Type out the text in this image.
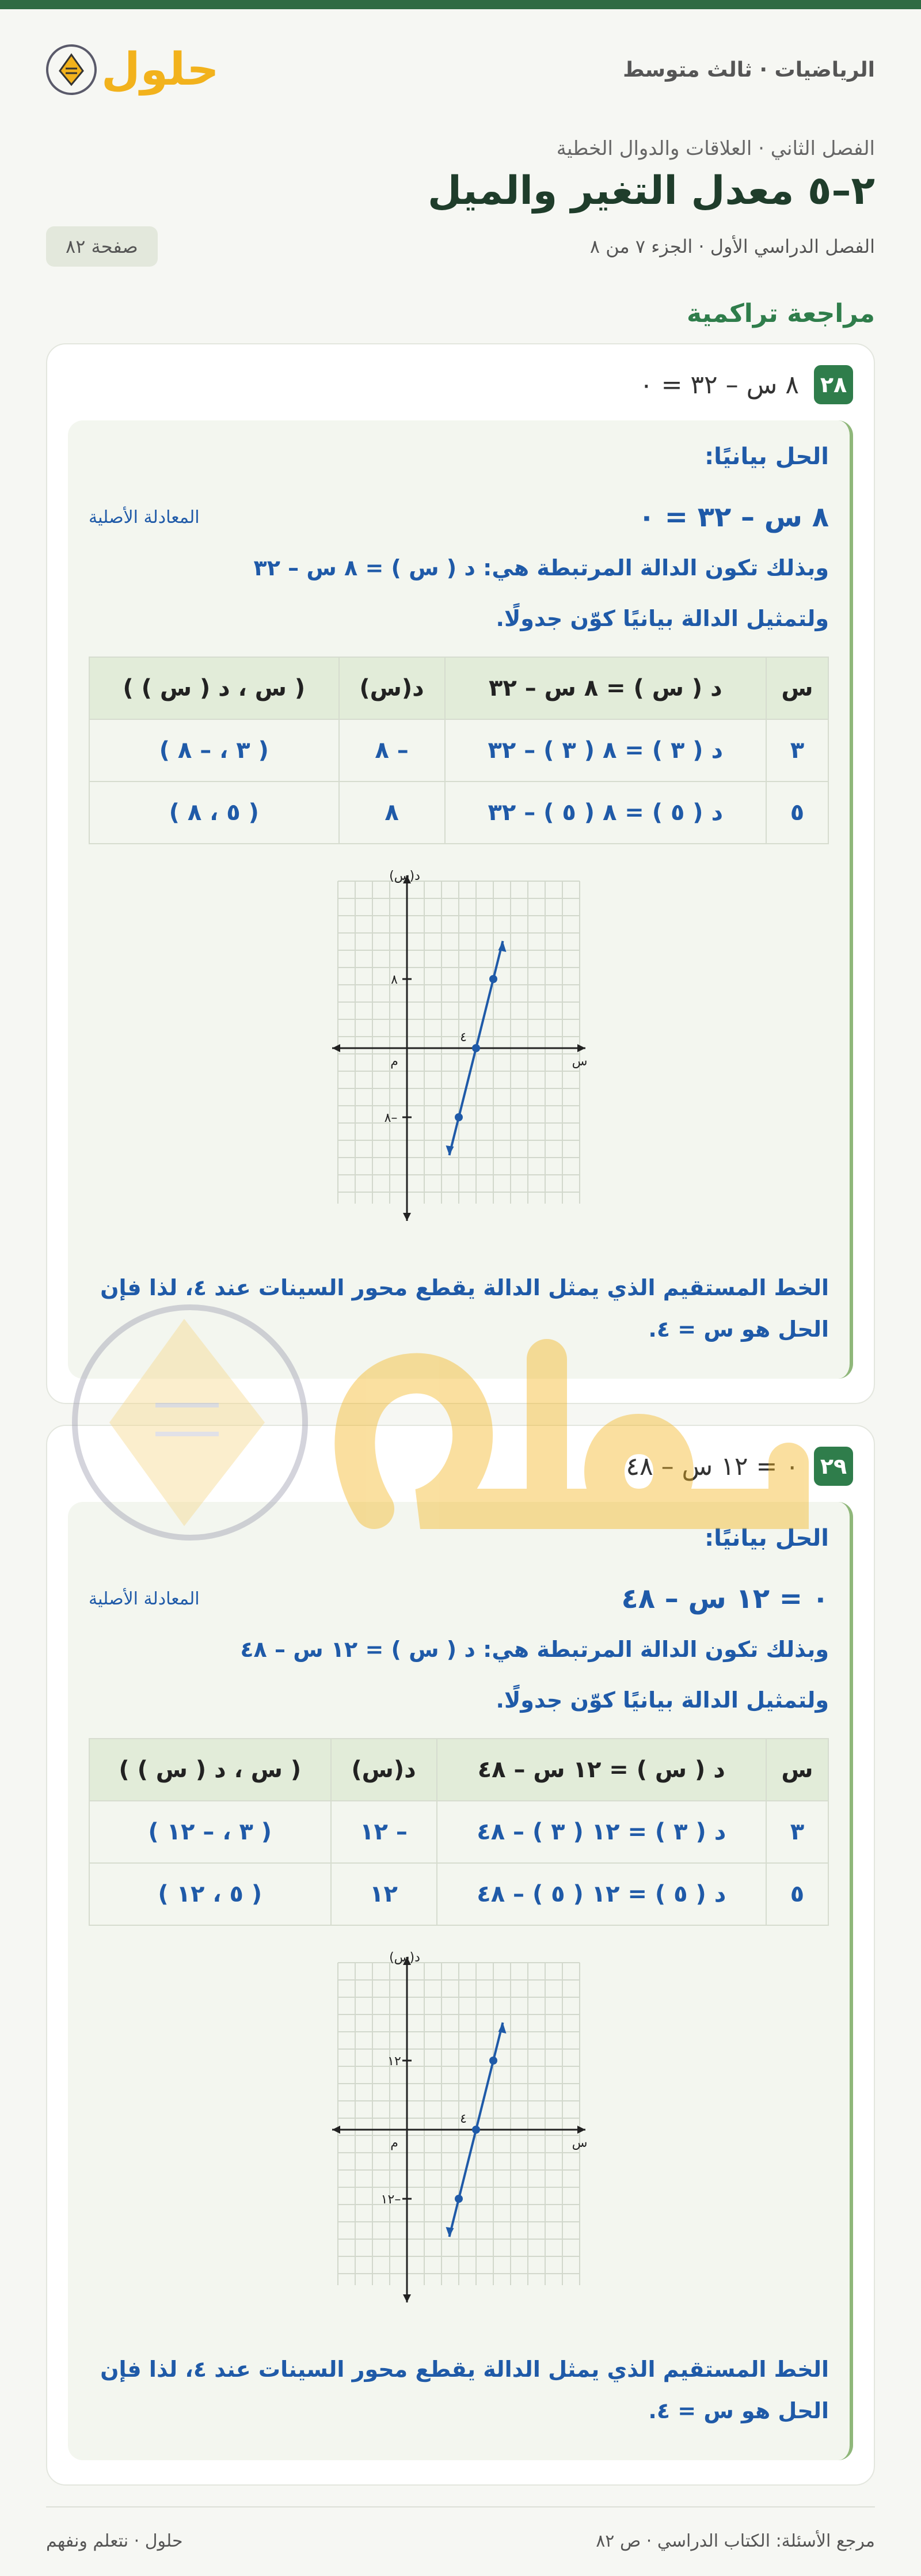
الرياضيات · ثالث متوسط
حلول
الفصل الثاني · العلاقات والدوال الخطية
٢–٥ معدل التغير والميل
الفصل الدراسي الأول · الجزء ٧ من ٨
صفحة ٨٢
مراجعة تراكمية
٢٨
٨ س – ٣٢ = ٠
الحل بيانيًا:
٨ س – ٣٢ = ٠
المعادلة الأصلية
وبذلك تكون الدالة المرتبطة هي: د ( س ) = ٨ س – ٣٢
ولتمثيل الدالة بيانيًا كوّن جدولًا.
س	د ( س ) = ٨ س – ٣٢	د(س)	( س ، د ( س ) )
٣	د ( ٣ ) = ٨ ( ٣ ) – ٣٢	– ٨	( ٣ ، – ٨ )
٥	د ( ٥ ) = ٨ ( ٥ ) – ٣٢	٨	( ٥ ، ٨ )
د(س)
س
م
٤
٨
–٨
الخط المستقيم الذي يمثل الدالة يقطع محور السينات عند ٤، لذا فإن الحل هو س = ٤.
٢٩
٠ = ١٢ س – ٤٨
الحل بيانيًا:
٠ = ١٢ س – ٤٨
المعادلة الأصلية
وبذلك تكون الدالة المرتبطة هي: د ( س ) = ١٢ س – ٤٨
ولتمثيل الدالة بيانيًا كوّن جدولًا.
س	د ( س ) = ١٢ س – ٤٨	د(س)	( س ، د ( س ) )
٣	د ( ٣ ) = ١٢ ( ٣ ) – ٤٨	– ١٢	( ٣ ، – ١٢ )
٥	د ( ٥ ) = ١٢ ( ٥ ) – ٤٨	١٢	( ٥ ، ١٢ )
د(س)
س
م
٤
١٢
–١٢
الخط المستقيم الذي يمثل الدالة يقطع محور السينات عند ٤، لذا فإن الحل هو س = ٤.
مرجع الأسئلة: الكتاب الدراسي · ص ٨٢
حلول · نتعلم ونفهم
